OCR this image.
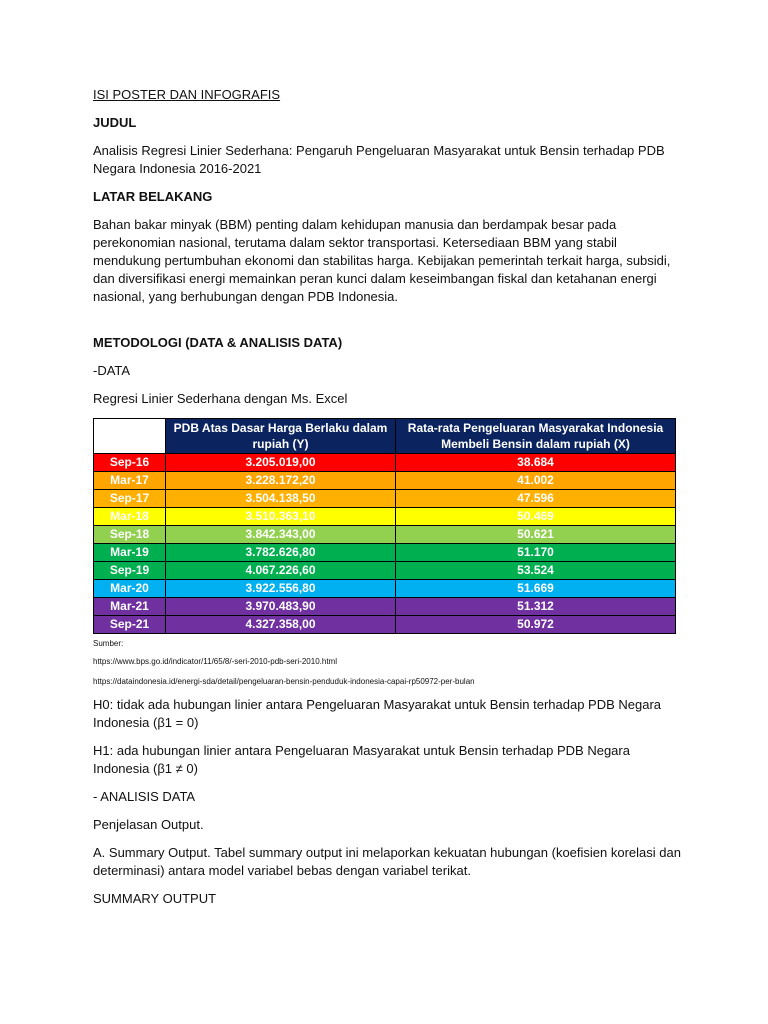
ISI POSTER DAN INFOGRAFIS

JUDUL

Analisis Regresi Linier Sederhana: Pengaruh Pengeluaran Masyarakat untuk Bensin terhadap PDB Negara Indonesia 2016-2021

LATAR BELAKANG

Bahan bakar minyak (BBM) penting dalam kehidupan manusia dan berdampak besar pada perekonomian nasional, terutama dalam sektor transportasi. Ketersediaan BBM yang stabil mendukung pertumbuhan ekonomi dan stabilitas harga. Kebijakan pemerintah terkait harga, subsidi, dan diversifikasi energi memainkan peran kunci dalam keseimbangan fiskal dan ketahanan energi nasional, yang berhubungan dengan PDB Indonesia.

METODOLOGI (DATA & ANALISIS DATA)

-DATA

Regresi Linier Sederhana dengan Ms. Excel

	PDB Atas Dasar Harga Berlaku dalam rupiah (Y)	Rata-rata Pengeluaran Masyarakat Indonesia Membeli Bensin dalam rupiah (X)
Sep-16	3.205.019,00	38.684
Mar-17	3.228.172,20	41.002
Sep-17	3.504.138,50	47.596
Mar-18	3.510.363,10	50.469
Sep-18	3.842.343,00	50.621
Mar-19	3.782.626,80	51.170
Sep-19	4.067.226,60	53.524
Mar-20	3.922.556,80	51.669
Mar-21	3.970.483,90	51.312
Sep-21	4.327.358,00	50.972

Sumber:

https://www.bps.go.id/indicator/11/65/8/-seri-2010-pdb-seri-2010.html

https://dataindonesia.id/energi-sda/detail/pengeluaran-bensin-penduduk-indonesia-capai-rp50972-per-bulan

H0: tidak ada hubungan linier antara Pengeluaran Masyarakat untuk Bensin terhadap PDB Negara Indonesia (β1 = 0)

H1: ada hubungan linier antara Pengeluaran Masyarakat untuk Bensin terhadap PDB Negara Indonesia (β1 ≠ 0)

- ANALISIS DATA

Penjelasan Output.

A. Summary Output. Tabel summary output ini melaporkan kekuatan hubungan (koefisien korelasi dan determinasi) antara model variabel bebas dengan variabel terikat.

SUMMARY OUTPUT
